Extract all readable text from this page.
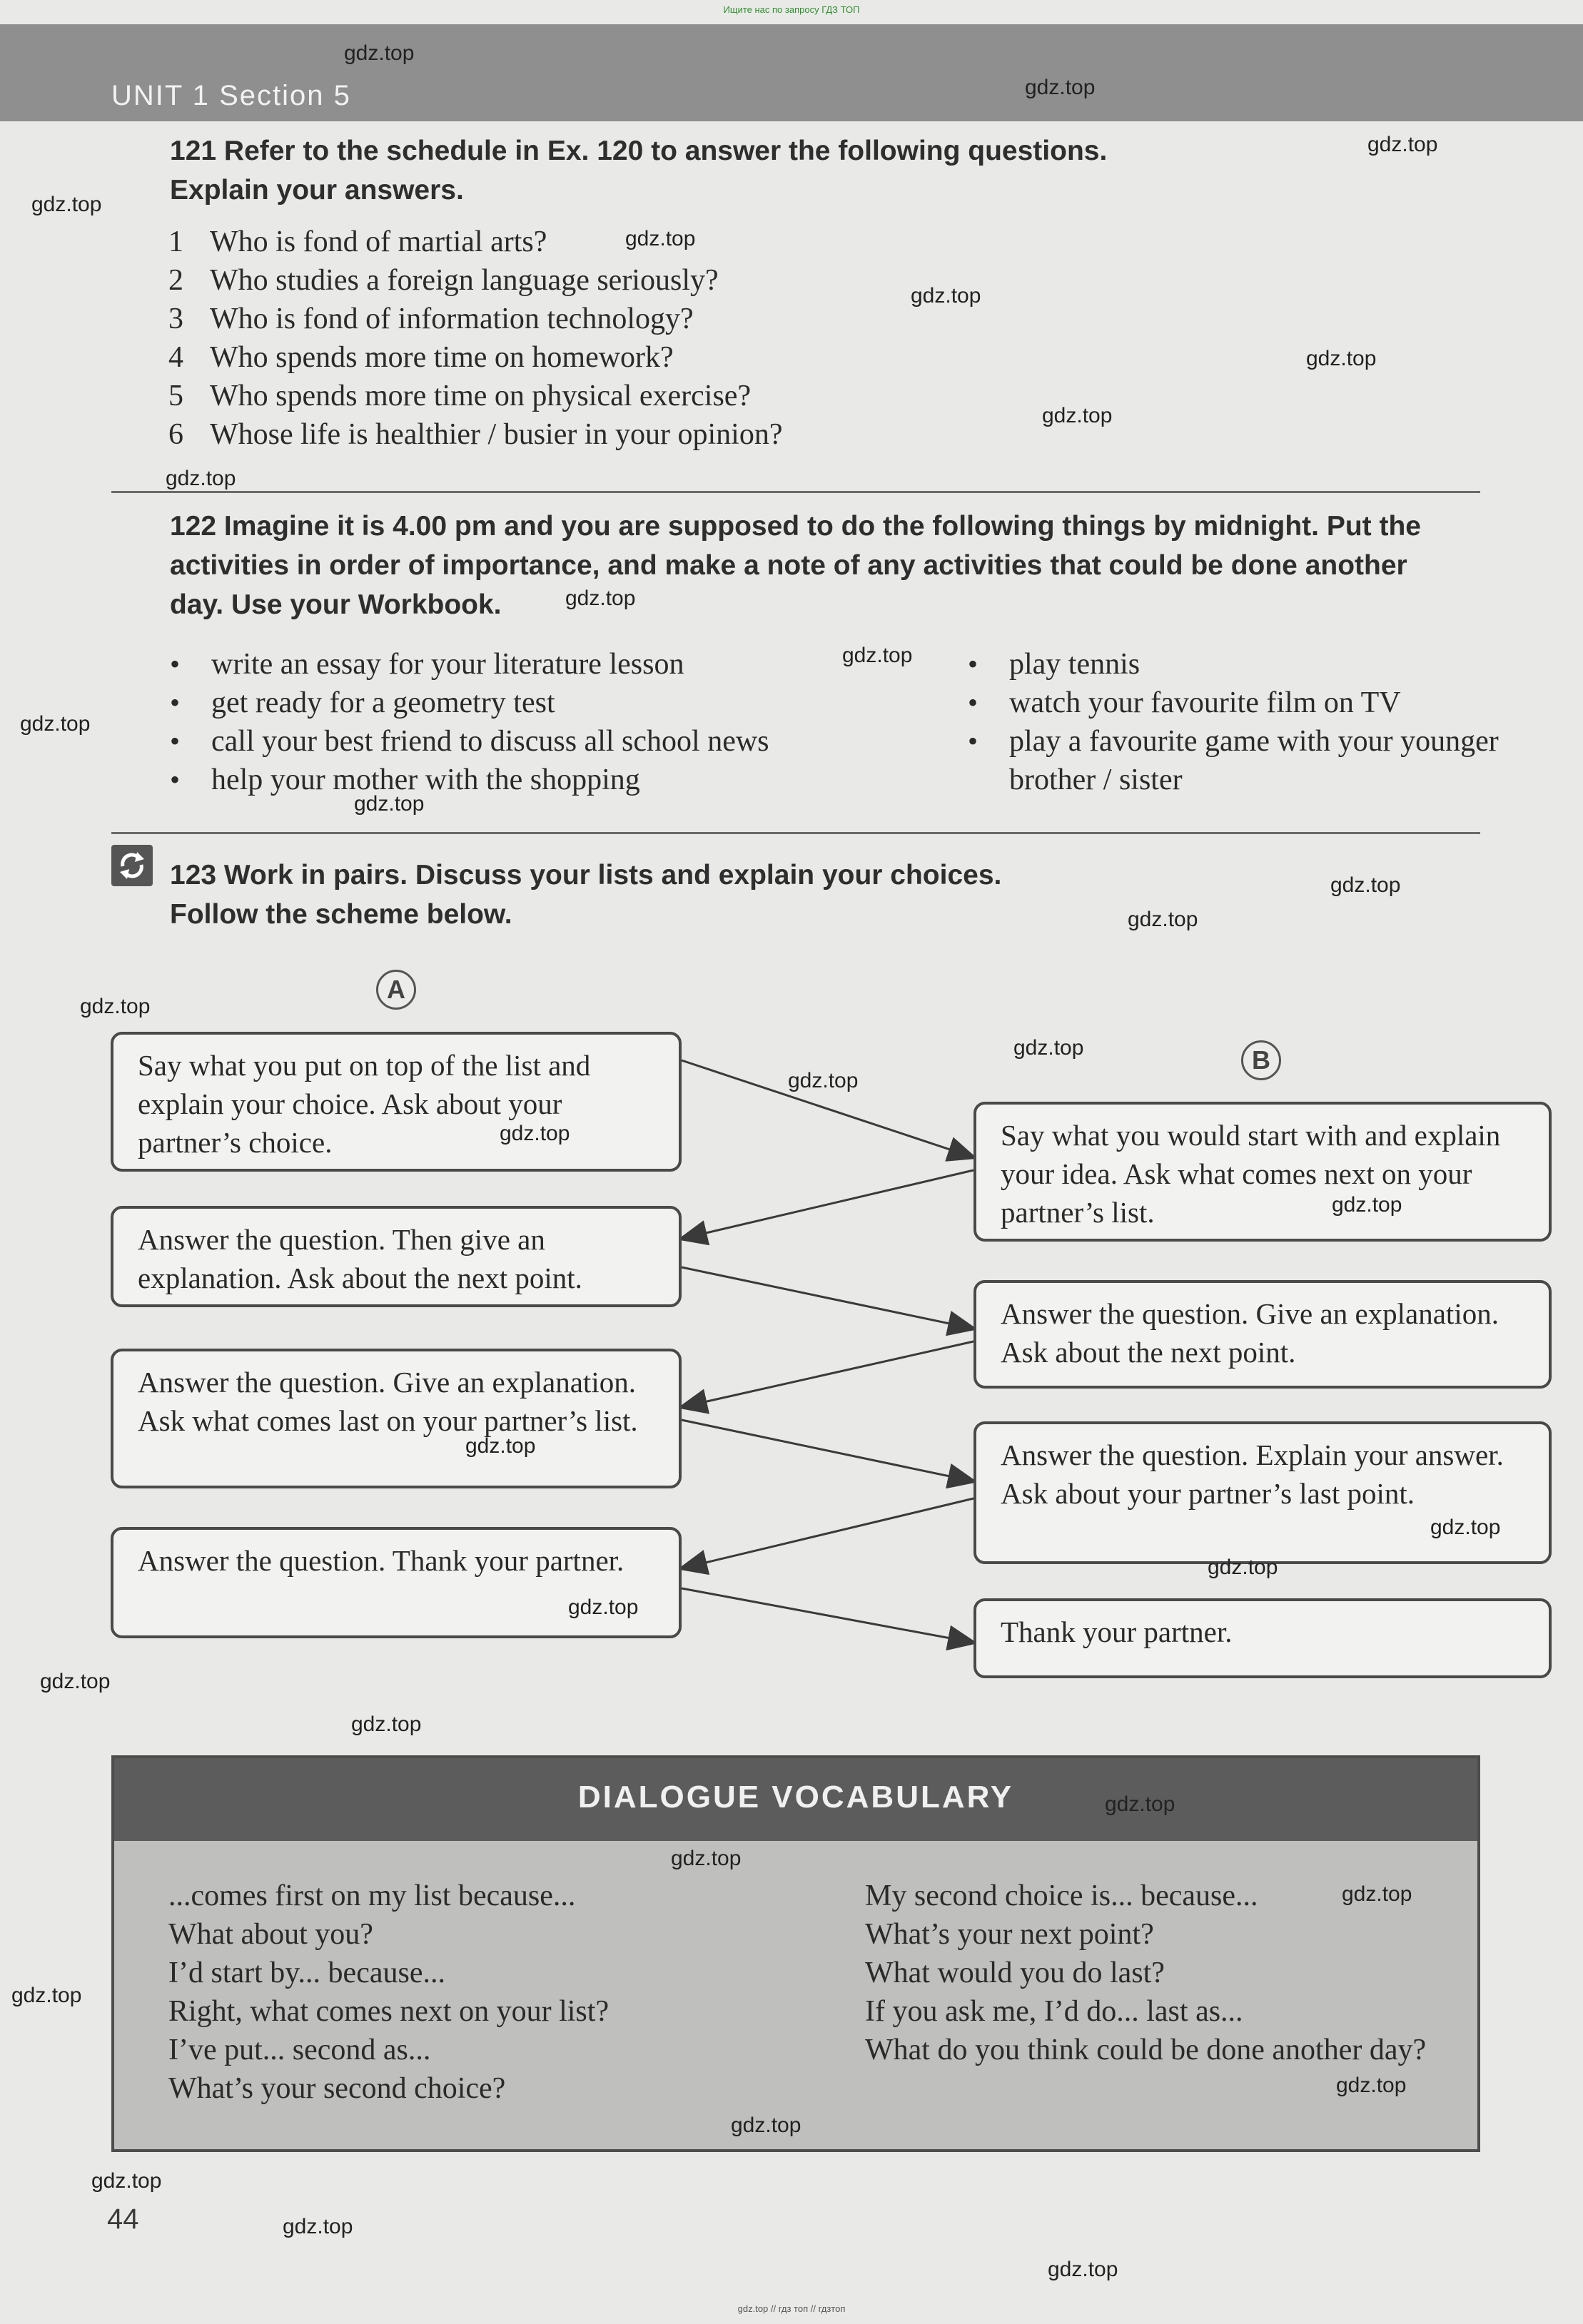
Ищите нас по запросу ГДЗ ТОП
UNIT 1 Section 5
121 Refer to the schedule in Ex. 120 to answer the following questions.
Explain your answers.
1 Who is fond of martial arts?
2 Who studies a foreign language seriously?
3 Who is fond of information technology?
4 Who spends more time on homework?
5 Who spends more time on physical exercise?
6 Whose life is healthier / busier in your opinion?
122 Imagine it is 4.00 pm and you are supposed to do the following things by midnight. Put the
activities in order of importance, and make a note of any activities that could be done another
day. Use your Workbook.
• write an essay for your literature lesson
• get ready for a geometry test
• call your best friend to discuss all school news
• help your mother with the shopping
• play tennis
• watch your favourite film on TV
• play a favourite game with your younger brother / sister
123 Work in pairs. Discuss your lists and explain your choices.
Follow the scheme below.
A
B
Say what you put on top of the list and explain your choice. Ask about your partner’s choice.
Answer the question. Then give an explanation. Ask about the next point.
Answer the question. Give an explanation. Ask what comes last on your partner’s list.
Answer the question. Thank your partner.
Say what you would start with and explain your idea. Ask what comes next on your partner’s list.
Answer the question. Give an explanation. Ask about the next point.
Answer the question. Explain your answer. Ask about your partner’s last point.
Thank your partner.
DIALOGUE VOCABULARY
...comes first on my list because...
What about you?
I’d start by... because...
Right, what comes next on your list?
I’ve put... second as...
What’s your second choice?
My second choice is... because...
What’s your next point?
What would you do last?
If you ask me, I’d do... last as...
What do you think could be done another day?
44
gdz.top
gdz.top
gdz.top
gdz.top
gdz.top
gdz.top
gdz.top
gdz.top
gdz.top
gdz.top
gdz.top
gdz.top
gdz.top
gdz.top
gdz.top
gdz.top
gdz.top
gdz.top
gdz.top
gdz.top
gdz.top
gdz.top
gdz.top
gdz.top
gdz.top
gdz.top
gdz.top
gdz.top
gdz.top
gdz.top
gdz.top
gdz.top
gdz.top
gdz.top
gdz.top
gdz.top // гдз топ // гдзтоп
